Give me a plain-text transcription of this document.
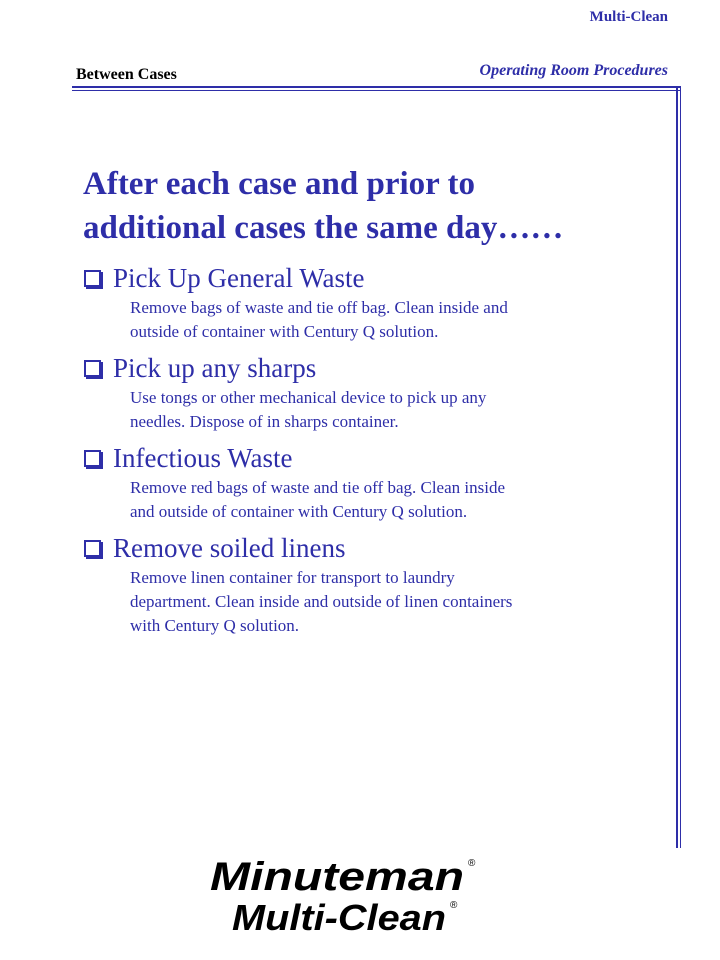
Multi-Clean
Between Cases	Operating Room Procedures
After each case and prior to
additional cases the same day……
Pick Up General Waste
Remove bags of waste and tie off bag. Clean inside and
outside of container with Century Q solution.
Pick up any sharps
Use tongs or other mechanical device to pick up any
needles. Dispose of in sharps container.
Infectious Waste
Remove red bags of waste and tie off bag. Clean inside
and outside of container with Century Q solution.
Remove soiled linens
Remove linen container for transport to laundry
department. Clean inside and outside of linen containers
with Century Q solution.
Minuteman ®
Multi-Clean ®
